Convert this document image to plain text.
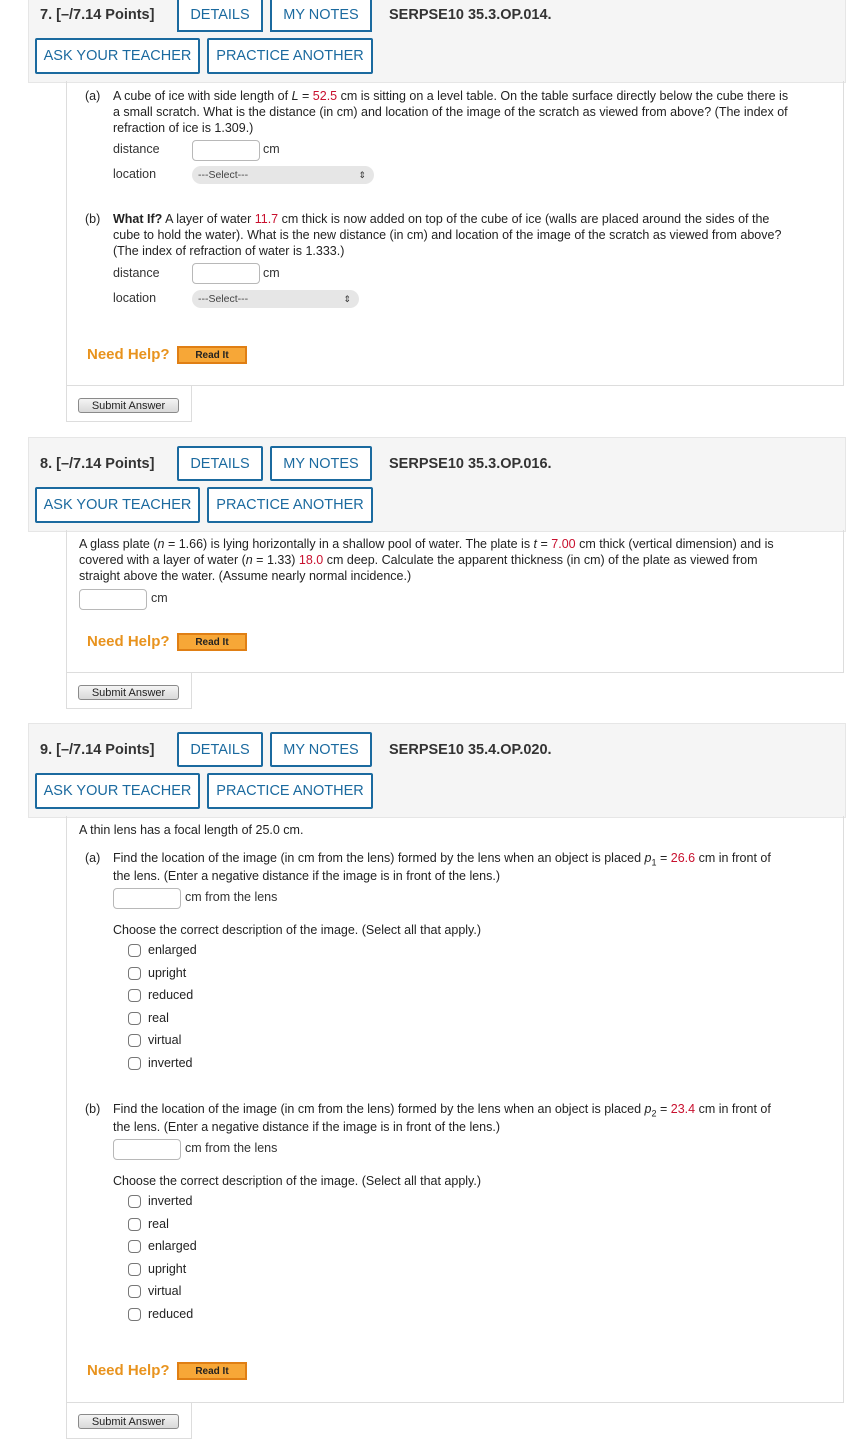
7. [–/7.14 Points]	DETAILS	MY NOTES	SERPSE10 35.3.OP.014.
ASK YOUR TEACHER	PRACTICE ANOTHER
(a) A cube of ice with side length of L = 52.5 cm is sitting on a level table. On the table surface directly below the cube there is
a small scratch. What is the distance (in cm) and location of the image of the scratch as viewed from above? (The index of
refraction of ice is 1.309.)
distance	cm
location	---Select---	⇕
(b) What If? A layer of water 11.7 cm thick is now added on top of the cube of ice (walls are placed around the sides of the
cube to hold the water). What is the new distance (in cm) and location of the image of the scratch as viewed from above?
(The index of refraction of water is 1.333.)
distance	cm
location	---Select---	⇕
Need Help?	Read It
Submit Answer
8. [–/7.14 Points]	DETAILS	MY NOTES	SERPSE10 35.3.OP.016.
ASK YOUR TEACHER	PRACTICE ANOTHER
A glass plate (n = 1.66) is lying horizontally in a shallow pool of water. The plate is t = 7.00 cm thick (vertical dimension) and is
covered with a layer of water (n = 1.33) 18.0 cm deep. Calculate the apparent thickness (in cm) of the plate as viewed from
straight above the water. (Assume nearly normal incidence.)
cm
Need Help?	Read It
Submit Answer
9. [–/7.14 Points]	DETAILS	MY NOTES	SERPSE10 35.4.OP.020.
ASK YOUR TEACHER	PRACTICE ANOTHER
A thin lens has a focal length of 25.0 cm.
(a) Find the location of the image (in cm from the lens) formed by the lens when an object is placed $p_1 = 26.6$ cm in front of
the lens. (Enter a negative distance if the image is in front of the lens.)
cm from the lens
Choose the correct description of the image. (Select all that apply.)
enlarged
upright
reduced
real
virtual
inverted
(b) Find the location of the image (in cm from the lens) formed by the lens when an object is placed $p_2 = 23.4$ cm in front of
the lens. (Enter a negative distance if the image is in front of the lens.)
cm from the lens
Choose the correct description of the image. (Select all that apply.)
inverted
real
enlarged
upright
virtual
reduced
Need Help?	Read It
Submit Answer
